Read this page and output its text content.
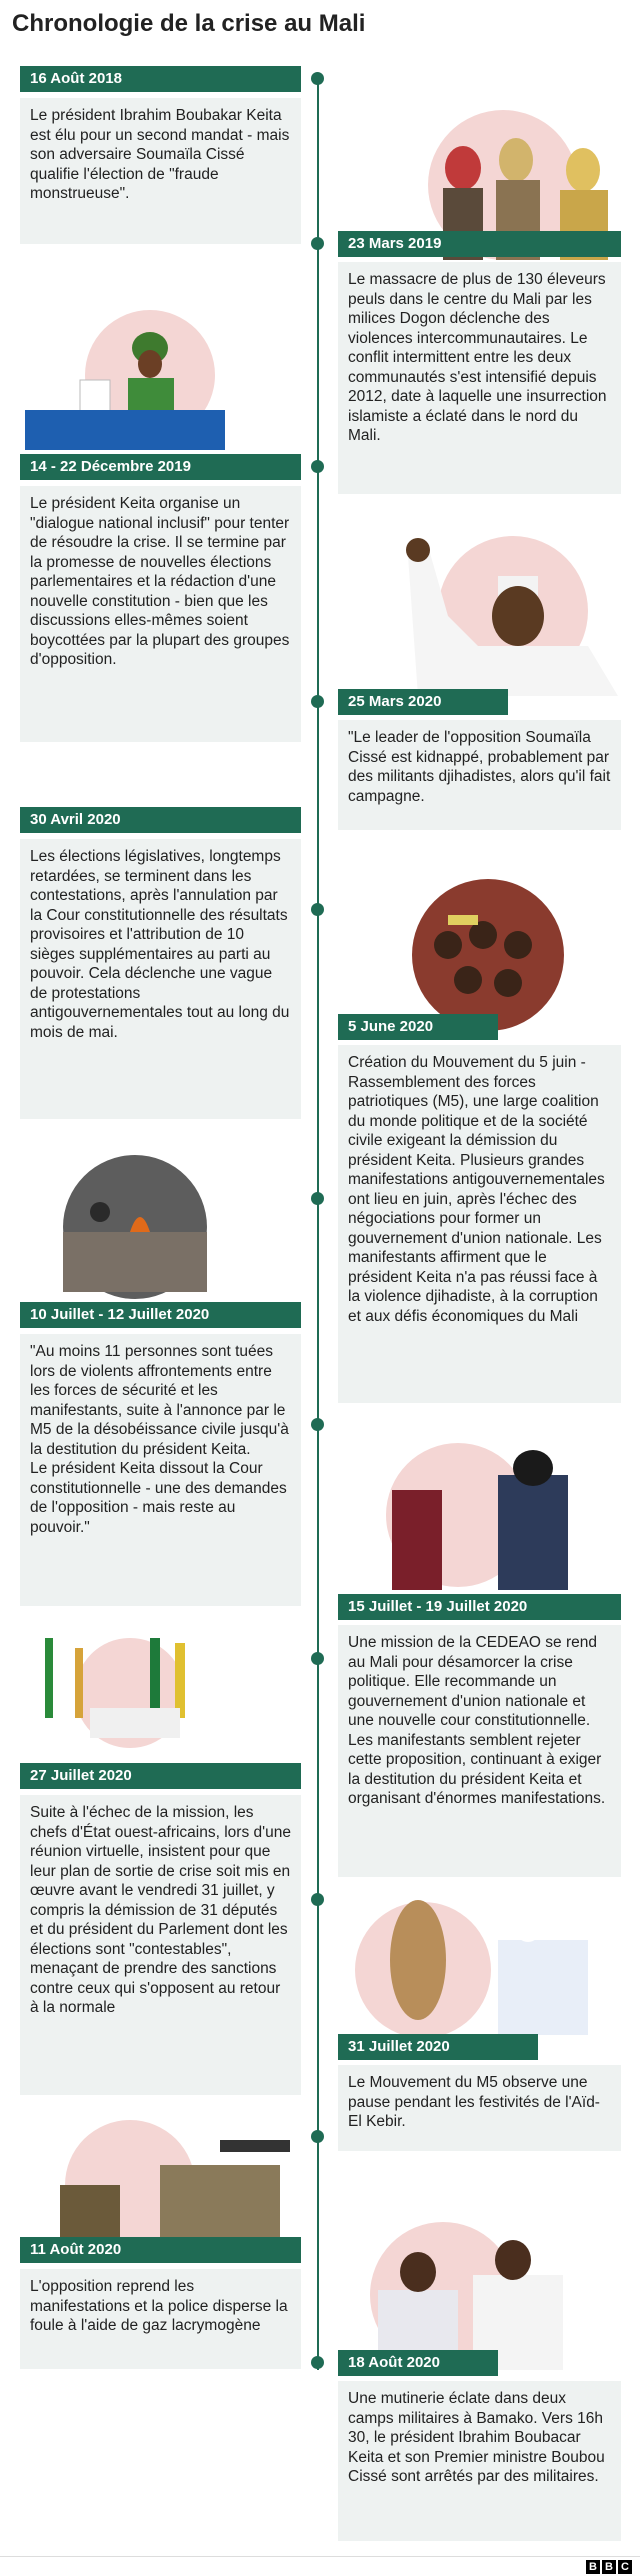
Chronologie de la crise au Mali
16 Août 2018
Le président Ibrahim Boubakar Keita est élu pour un second mandat - mais son adversaire Soumaïla Cissé qualifie l'élection de "fraude monstrueuse".
23 Mars 2019
Le massacre de plus de 130 éleveurs peuls dans le centre du Mali par les milices Dogon déclenche des violences intercommunautaires. Le conflit intermittent entre les deux communautés s'est intensifié depuis 2012, date à laquelle une insurrection islamiste a éclaté dans le nord du Mali.
14 - 22 Décembre 2019
Le président Keita organise un "dialogue national inclusif" pour tenter de résoudre la crise. Il se termine par la promesse de nouvelles élections parlementaires et la rédaction d'une nouvelle constitution - bien que les discussions elles-mêmes soient boycottées par la plupart des groupes d'opposition.
25 Mars 2020
"Le leader de l'opposition Soumaïla Cissé est kidnappé, probablement par des militants djihadistes, alors qu'il fait campagne.
30 Avril 2020
Les élections législatives, longtemps retardées, se terminent dans les contestations, après l'annulation par la Cour constitutionnelle des résultats provisoires et l'attribution de 10 sièges supplémentaires au parti au pouvoir. Cela déclenche une vague de protestations antigouvernementales tout au long du mois de mai.	5 June 2020
Création du Mouvement du 5 juin - Rassemblement des forces patriotiques (M5), une large coalition du monde politique et de la société civile exigeant la démission du président Keita. Plusieurs grandes manifestations antigouvernementales ont lieu en juin, après l'échec des négociations pour former un gouvernement d'union nationale. Les manifestants affirment que le président Keita n'a pas réussi face à la violence djihadiste, à la corruption et aux défis économiques du Mali
10 Juillet - 12 Juillet 2020
"Au moins 11 personnes sont tuées lors de violents affrontements entre les forces de sécurité et les manifestants, suite à l'annonce par le M5 de la désobéissance civile jusqu'à la destitution du président Keita.
Le président Keita dissout la Cour constitutionnelle - une des demandes de l'opposition - mais reste au pouvoir."
15 Juillet - 19 Juillet 2020
Une mission de la CEDEAO se rend au Mali pour désamorcer la crise politique. Elle recommande un gouvernement d'union nationale et une nouvelle cour constitutionnelle. Les manifestants semblent rejeter cette proposition, continuant à exiger la destitution du président Keita et organisant d'énormes manifestations.
27 Juillet 2020
Suite à l'échec de la mission, les chefs d'État ouest-africains, lors d'une réunion virtuelle, insistent pour que leur plan de sortie de crise soit mis en œuvre avant le vendredi 31 juillet, y compris la démission de 31 députés et du président du Parlement dont les élections sont "contestables", menaçant de prendre des sanctions contre ceux qui s'opposent au retour à la normale
31 Juillet 2020
Le Mouvement du M5 observe une pause pendant les festivités de l'Aïd-El Kebir.
11 Août 2020
L'opposition reprend les manifestations et la police disperse la foule à l'aide de gaz lacrymogène
18 Août 2020
Une mutinerie éclate dans deux camps militaires à Bamako. Vers 16h 30, le président Ibrahim Boubacar Keita et son Premier ministre Boubou Cissé sont arrêtés par des militaires.
B B C
